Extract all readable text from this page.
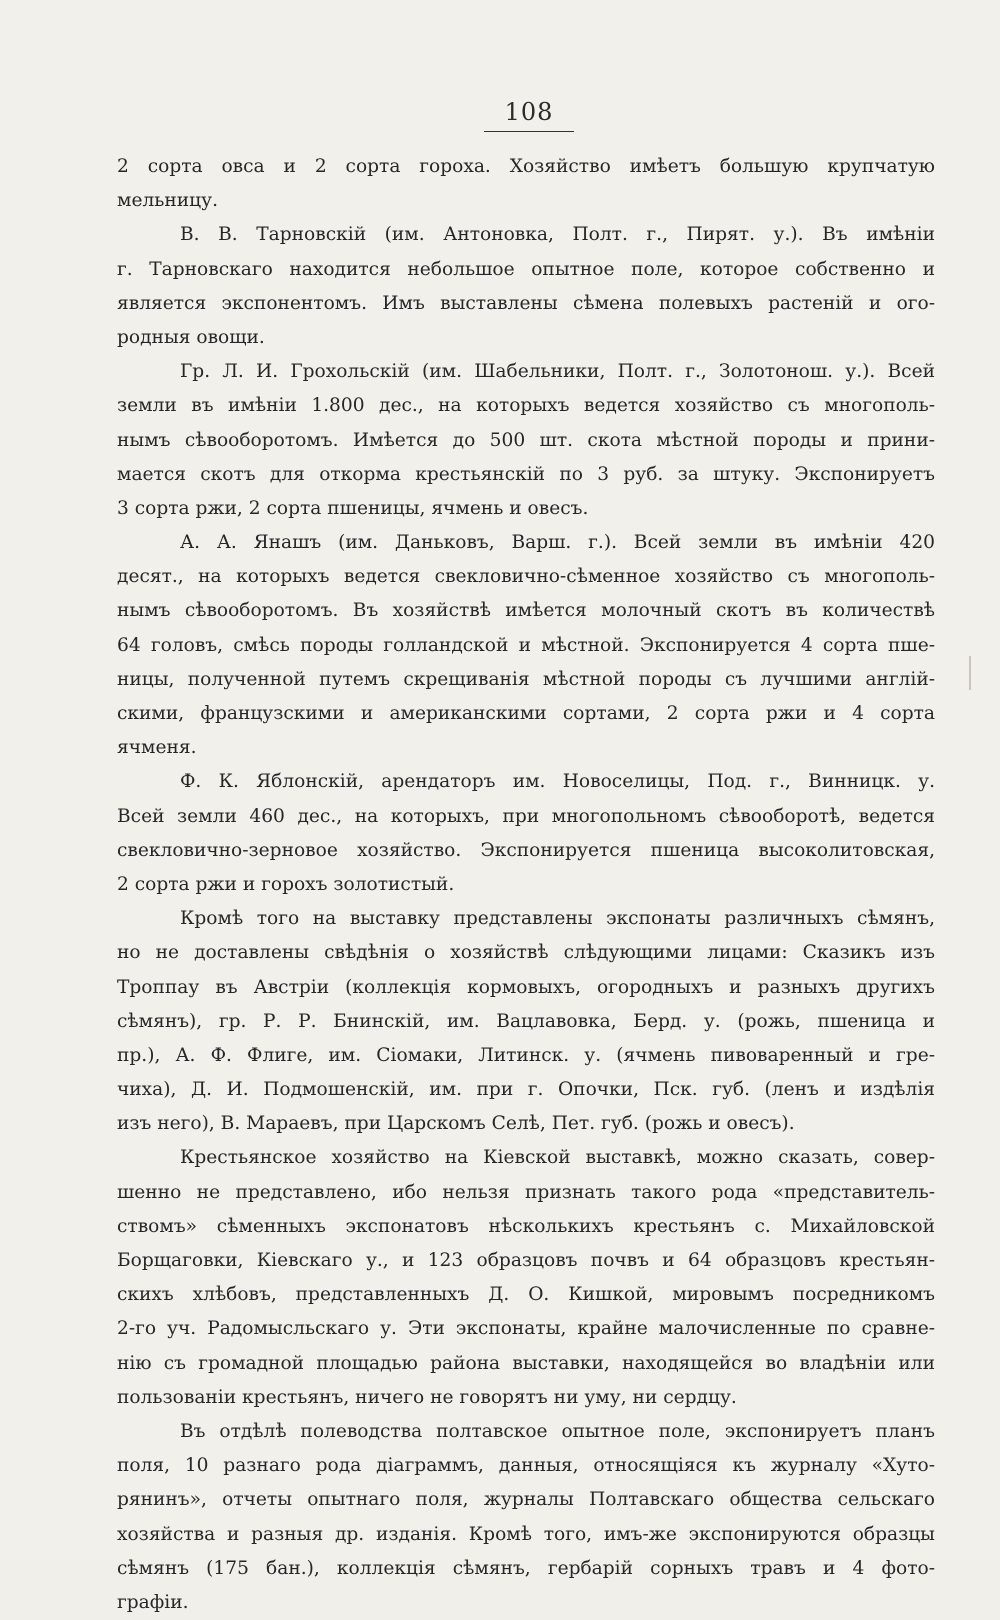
108
2 сорта овса и 2 сорта гороха. Хозяйство имѣетъ большую крупчатую
мельницу.
В. В. Тарновскій (им. Антоновка, Полт. г., Пирят. у.). Въ имѣніи
г. Тарновскаго находится небольшое опытное поле, которое собственно и
является экспонентомъ. Имъ выставлены сѣмена полевыхъ растеній и ого-
родныя овощи.
Гр. Л. И. Грохольскій (им. Шабельники, Полт. г., Золотонош. у.). Всей
земли въ имѣніи 1.800 дес., на которыхъ ведется хозяйство съ многополь-
нымъ сѣвооборотомъ. Имѣется до 500 шт. скота мѣстной породы и прини-
мается скотъ для откорма крестьянскій по 3 руб. за штуку. Экспонируетъ
3 сорта ржи, 2 сорта пшеницы, ячмень и овесъ.
А. А. Янашъ (им. Даньковъ, Варш. г.). Всей земли въ имѣніи 420
десят., на которыхъ ведется свекловично-сѣменное хозяйство съ многополь-
нымъ сѣвооборотомъ. Въ хозяйствѣ имѣется молочный скотъ въ количествѣ
64 головъ, смѣсь породы голландской и мѣстной. Экспонируется 4 сорта пше-
ницы, полученной путемъ скрещиванія мѣстной породы съ лучшими англій-
скими, французскими и американскими сортами, 2 сорта ржи и 4 сорта
ячменя.
Ф. К. Яблонскій, арендаторъ им. Новоселицы, Под. г., Винницк. у.
Всей земли 460 дес., на которыхъ, при многопольномъ сѣвооборотѣ, ведется
свекловично-зерновое хозяйство. Экспонируется пшеница высоколитовская,
2 сорта ржи и горохъ золотистый.
Кромѣ того на выставку представлены экспонаты различныхъ сѣмянъ,
но не доставлены свѣдѣнія о хозяйствѣ слѣдующими лицами: Сказикъ изъ
Троппау въ Австріи (коллекція кормовыхъ, огородныхъ и разныхъ другихъ
сѣмянъ), гр. Р. Р. Бнинскій, им. Вацлавовка, Берд. у. (рожь, пшеница и
пр.), А. Ф. Флиге, им. Сіомаки, Литинск. у. (ячмень пивоваренный и гре-
чиха), Д. И. Подмошенскій, им. при г. Опочки, Пск. губ. (ленъ и издѣлія
изъ него), В. Мараевъ, при Царскомъ Селѣ, Пет. губ. (рожь и овесъ).
Крестьянское хозяйство на Кіевской выставкѣ, можно сказать, совер-
шенно не представлено, ибо нельзя признать такого рода «представитель-
ствомъ» сѣменныхъ экспонатовъ нѣсколькихъ крестьянъ с. Михайловской
Борщаговки, Кіевскаго у., и 123 образцовъ почвъ и 64 образцовъ крестьян-
скихъ хлѣбовъ, представленныхъ Д. О. Кишкой, мировымъ посредникомъ
2-го уч. Радомысльскаго у. Эти экспонаты, крайне малочисленные по сравне-
нію съ громадной площадью района выставки, находящейся во владѣніи или
пользованіи крестьянъ, ничего не говорятъ ни уму, ни сердцу.
Въ отдѣлѣ полеводства полтавское опытное поле, экспонируетъ планъ
поля, 10 разнаго рода діаграммъ, данныя, относящіяся къ журналу «Хуто-
рянинъ», отчеты опытнаго поля, журналы Полтавскаго общества сельскаго
хозяйства и разныя др. изданія. Кромѣ того, имъ-же экспонируются образцы
сѣмянъ (175 бан.), коллекція сѣмянъ, гербарій сорныхъ травъ и 4 фото-
графіи.
